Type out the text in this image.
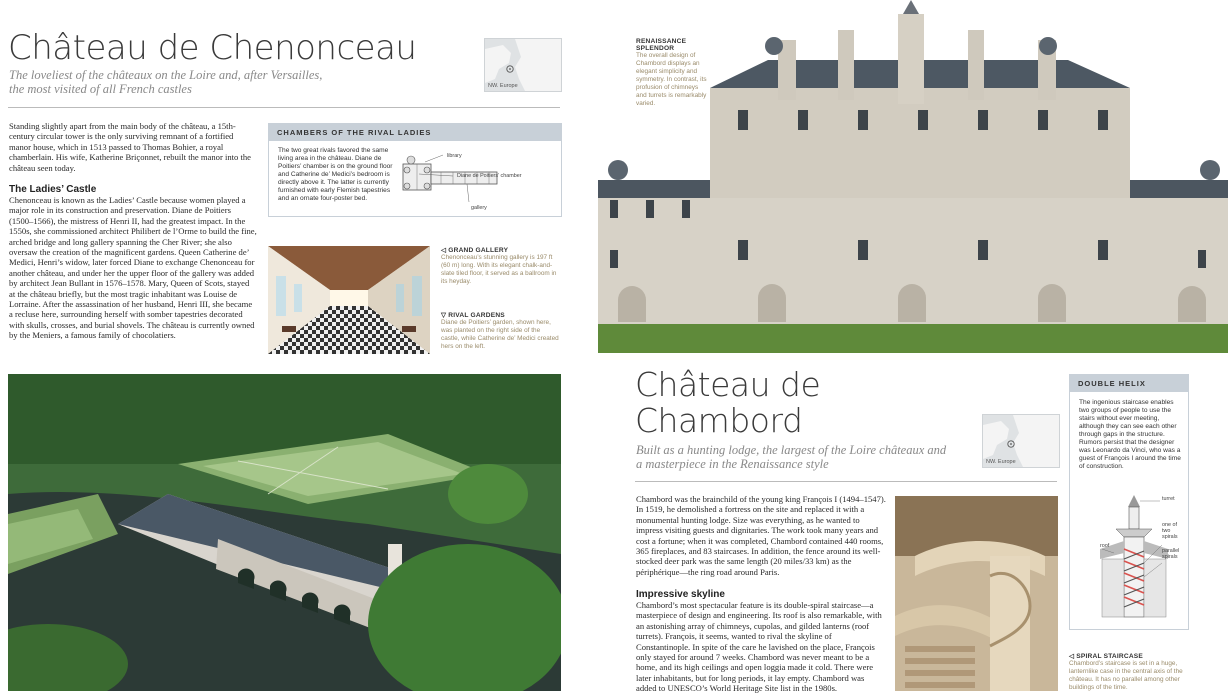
Château de Chenonceau
The loveliest of the châteaux on the Loire and, after Versailles,
the most visited of all French castles	NW. Europe
Standing slightly apart from the main body of the château, a 15th-century circular tower is the only surviving remnant of a fortified manor house, which in 1513 passed to Thomas Bohier, a royal chamberlain. His wife, Katherine Briçonnet, rebuilt the manor into the château seen today.
The Ladies’ Castle
Chenonceau is known as the Ladies’ Castle because women played a major role in its construction and preservation. Diane de Poitiers (1500–1566), the mistress of Henri II, had the greatest impact. In the 1550s, she commissioned architect Philibert de l’Orme to build the fine, arched bridge and long gallery spanning the Cher River; she also oversaw the creation of the magnificent gardens. Queen Catherine de’ Medici, Henri’s widow, later forced Diane to exchange Chenonceau for another château, and under her the upper floor of the gallery was added by architect Jean Bullant in 1576–1578. Mary, Queen of Scots, stayed at the château briefly, but the most tragic inhabitant was Louise de Lorraine. After the assassination of her husband, Henri III, she became a recluse here, surrounding herself with somber tapestries decorated with skulls, crosses, and burial shovels. The château is currently owned by the Meniers, a famous family of chocolatiers.
CHAMBERS OF THE RIVAL LADIES
The two great rivals favored the same living area in the château. Diane de Poitiers’ chamber is on the ground floor and Catherine de’ Medici’s bedroom is directly above it. The latter is currently furnished with early Flemish tapestries and an ornate four-poster bed.
library
Diane de Poitiers’ chamber
gallery
◁ GRAND GALLERY
Chenonceau’s stunning gallery is 197 ft (60 m) long. With its elegant chalk-and-slate tiled floor, it served as a ballroom in its heyday.
▽ RIVAL GARDENS
Diane de Poitiers’ garden, shown here, was planted on the right side of the castle, while Catherine de’ Medici created hers on the left.
RENAISSANCE
SPLENDOR
The overall design of Chambord displays an elegant simplicity and symmetry. In contrast, its profusion of chimneys and turrets is remarkably varied.
Château de
Chambord
Built as a hunting lodge, the largest of the Loire châteaux and
a masterpiece in the Renaissance style	NW. Europe
Chambord was the brainchild of the young king François I (1494–1547). In 1519, he demolished a fortress on the site and replaced it with a monumental hunting lodge. Size was everything, as he wanted to impress visiting guests and dignitaries. The work took many years and cost a fortune; when it was completed, Chambord contained 440 rooms, 365 fireplaces, and 83 staircases. In addition, the fence around its well-stocked deer park was the same length (20 miles/33 km) as the périphérique—the ring road around Paris.
Impressive skyline
Chambord’s most spectacular feature is its double-spiral staircase—a masterpiece of design and engineering. Its roof is also remarkable, with an astonishing array of chimneys, cupolas, and gilded lanterns (roof turrets). François, it seems, wanted to rival the skyline of Constantinople. In spite of the care he lavished on the place, François only stayed for around 7 weeks. Chambord was never meant to be a home, and its high ceilings and open loggia made it cold. There were later inhabitants, but for long periods, it lay empty. Chambord was added to UNESCO’s World Heritage Site list in the 1980s.
DOUBLE HELIX
The ingenious staircase enables two groups of people to use the stairs without ever meeting, although they can see each other through gaps in the structure. Rumors persist that the designer was Leonardo da Vinci, who was a guest of François I around the time of construction.
turret
one of two spirals
roof
parallel spirals
◁ SPIRAL STAIRCASE
Chambord’s staircase is set in a huge, lanternlike case in the central axis of the château. It has no parallel among other buildings of the time.
